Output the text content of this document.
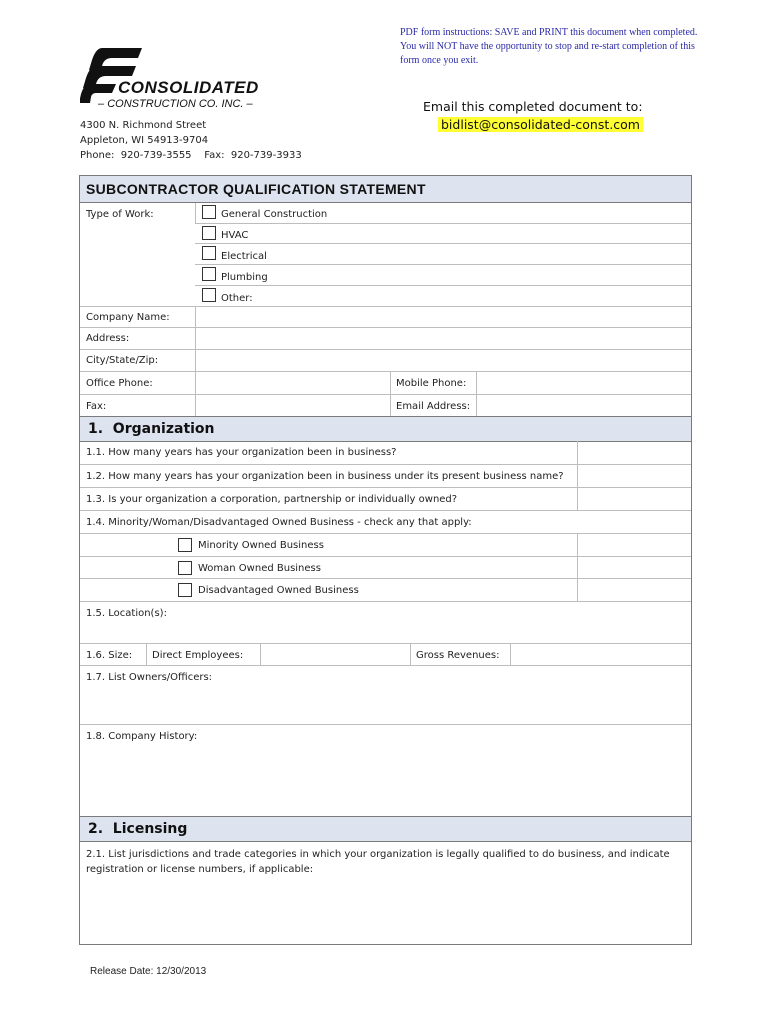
PDF form instructions: SAVE and PRINT this document when completed.
You will NOT have the opportunity to stop and re-start completion of this
form once you exit.
CONSOLIDATED
– CONSTRUCTION CO. INC. –
4300 N. Richmond Street
Appleton, WI 54913-9704
Phone:  920-739-3555    Fax:  920-739-3933
Email this completed document to:
bidlist@consolidated-const.com
SUBCONTRACTOR QUALIFICATION STATEMENT
Type of Work:	General Construction
HVAC
Electrical
Plumbing
Other:
Company Name:
Address:
City/State/Zip:
Office Phone:	Mobile Phone:
Fax:	Email Address:
1.  Organization
1.1. How many years has your organization been in business?
1.2. How many years has your organization been in business under its present business name?
1.3. Is your organization a corporation, partnership or individually owned?
1.4. Minority/Woman/Disadvantaged Owned Business - check any that apply:
Minority Owned Business
Woman Owned Business
Disadvantaged Owned Business
1.5. Location(s):
1.6. Size:	Direct Employees:	Gross Revenues:
1.7. List Owners/Officers:
1.8. Company History:
2.  Licensing
2.1. List jurisdictions and trade categories in which your organization is legally qualified to do business, and indicate
registration or license numbers, if applicable:
Release Date: 12/30/2013
